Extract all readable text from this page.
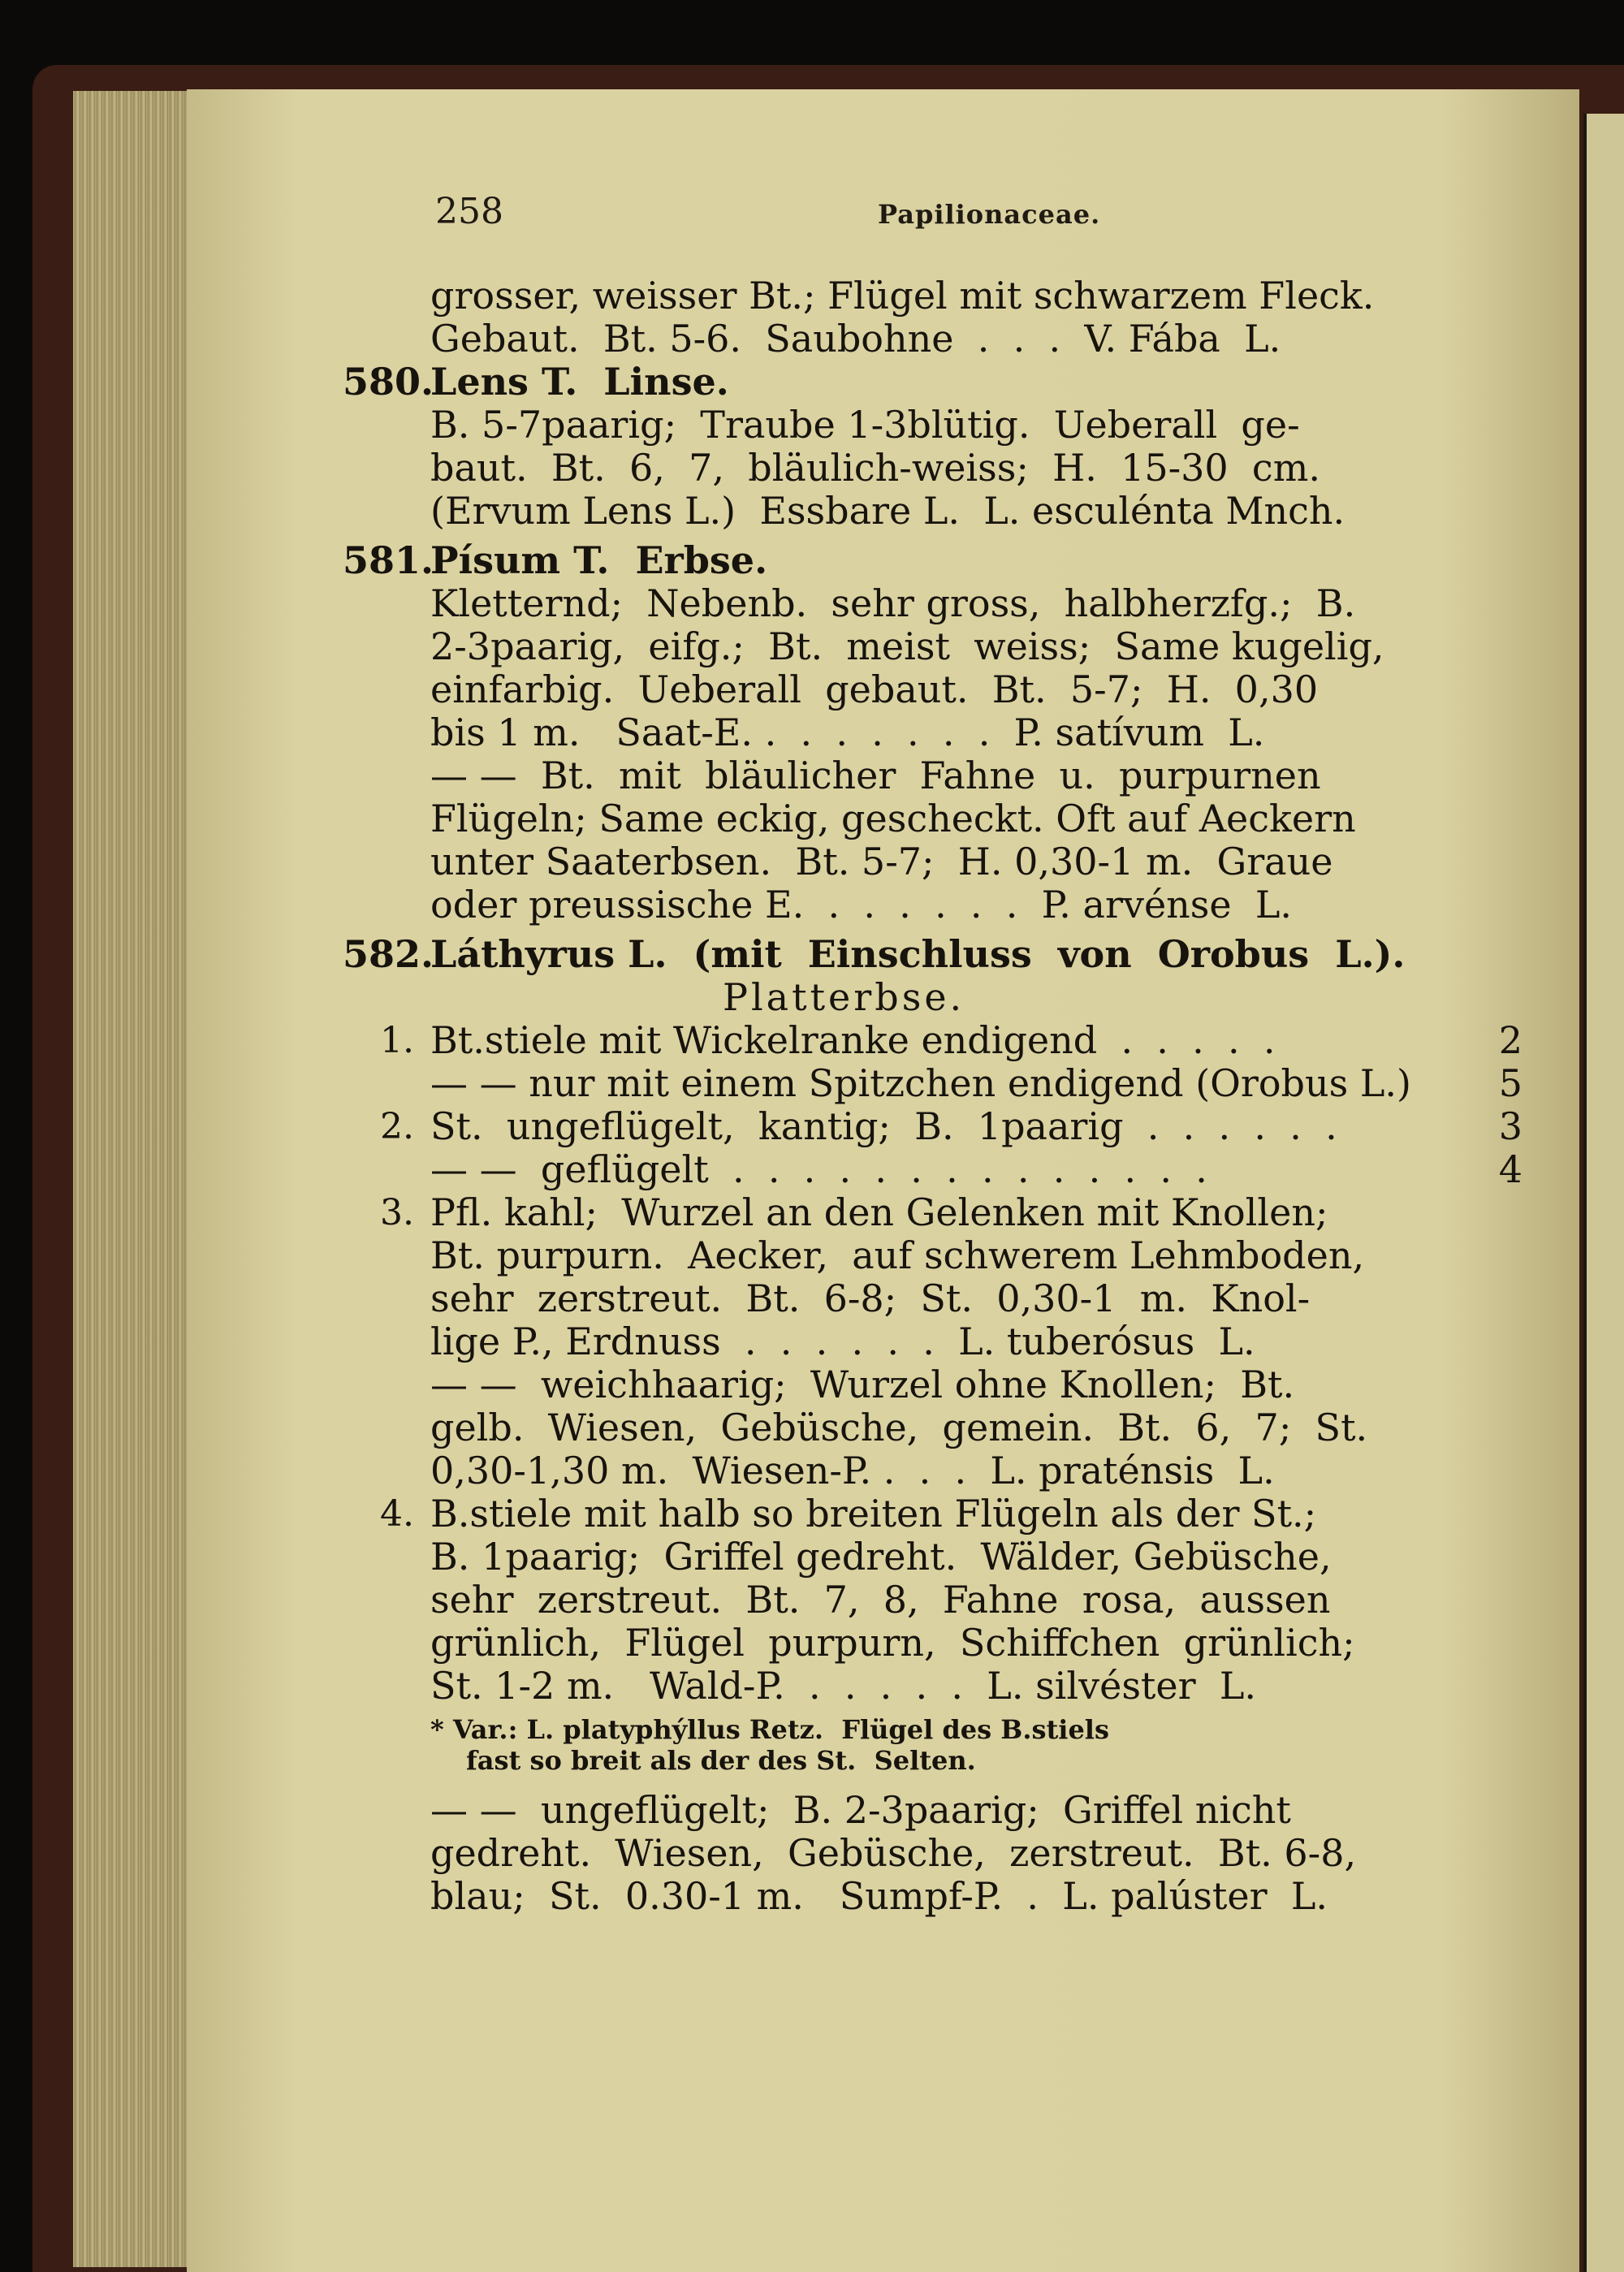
258	Papilionaceae.
grosser, weisser Bt.; Flügel mit schwarzem Fleck.
Gebaut.  Bt. 5-6.  Saubohne  .  .  .  V. Fába  L.
580.
Lens T.  Linse.
B. 5-7paarig;  Traube 1-3blütig.  Ueberall  ge-
baut.  Bt.  6,  7,  bläulich-weiss;  H.  15-30  cm.
(Ervum Lens L.)  Essbare L.  L. esculénta Mnch.
581.
Písum T.  Erbse.
Kletternd;  Nebenb.  sehr gross,  halbherzfg.;  B.
2-3paarig,  eifg.;  Bt.  meist  weiss;  Same kugelig,
einfarbig.  Ueberall  gebaut.  Bt.  5-7;  H.  0,30
bis 1 m.   Saat-E. .  .  .  .  .  .  .  P. satívum  L.
— —  Bt.  mit  bläulicher  Fahne  u.  purpurnen
Flügeln; Same eckig, gescheckt. Oft auf Aeckern
unter Saaterbsen.  Bt. 5-7;  H. 0,30-1 m.  Graue
oder preussische E.  .  .  .  .  .  .  P. arvénse  L.
582.
Láthyrus L.  (mit  Einschluss  von  Orobus  L.).
Platterbse.
1. Bt.stiele mit Wickelranke endigend  .  .  .  .  .	2
— — nur mit einem Spitzchen endigend (Orobus L.) 5
2. St.  ungeflügelt,  kantig;  B.  1paarig  .  .  .  .  .  .	3
— —  geflügelt  .  .  .  .  .  .  .  .  .  .  .  .  .  .	4
3. Pfl. kahl;  Wurzel an den Gelenken mit Knollen;
Bt. purpurn.  Aecker,  auf schwerem Lehmboden,
sehr  zerstreut.  Bt.  6-8;  St.  0,30-1  m.  Knol-
lige P., Erdnuss  .  .  .  .  .  .  L. tuberósus  L.
— —  weichhaarig;  Wurzel ohne Knollen;  Bt.
gelb.  Wiesen,  Gebüsche,  gemein.  Bt.  6,  7;  St.
0,30-1,30 m.  Wiesen-P. .  .  .  L. praténsis  L.
4. B.stiele mit halb so breiten Flügeln als der St.;
B. 1paarig;  Griffel gedreht.  Wälder, Gebüsche,
sehr  zerstreut.  Bt.  7,  8,  Fahne  rosa,  aussen
grünlich,  Flügel  purpurn,  Schiffchen  grünlich;
St. 1-2 m.   Wald-P.  .  .  .  .  .  L. silvéster  L.
* Var.: L. platyphýllus Retz.  Flügel des B.stiels
fast so breit als der des St.  Selten.
— —  ungeflügelt;  B. 2-3paarig;  Griffel nicht
gedreht.  Wiesen,  Gebüsche,  zerstreut.  Bt. 6-8,
blau;  St.  0.30-1 m.   Sumpf-P.  .  L. palúster  L.
